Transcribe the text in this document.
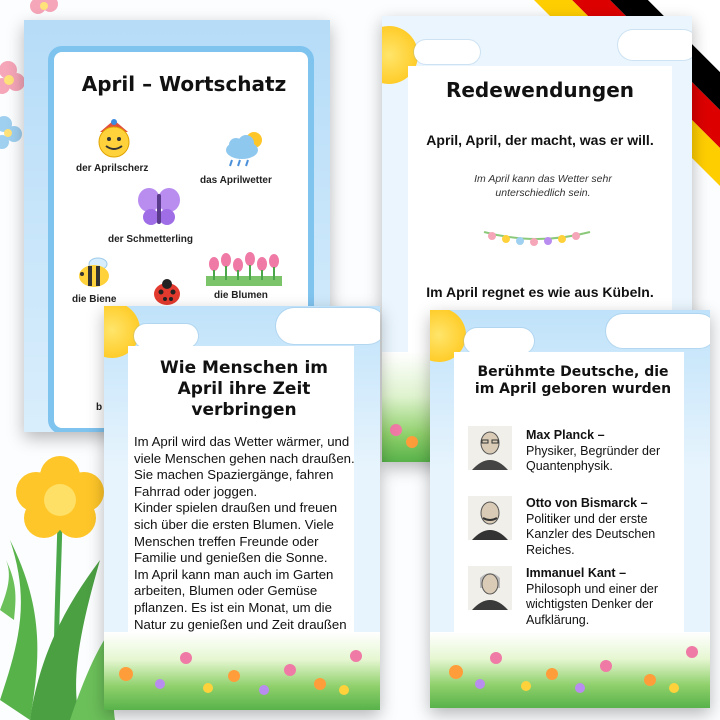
April – Wortschatz
der Aprilscherz
das Aprilwetter
der Schmetterling
die Biene	die Blumen
b
Redewendungen
April, April, der macht, was er will.
Im April kann das Wetter sehr unterschiedlich sein.
Im April regnet es wie aus Kübeln.
Wie Menschen im April ihre Zeit verbringen
Im April wird das Wetter wärmer, und viele Menschen gehen nach draußen. Sie machen Spaziergänge, fahren Fahrrad oder joggen.
Kinder spielen draußen und freuen sich über die ersten Blumen. Viele Menschen treffen Freunde oder Familie und genießen die Sonne.
Im April kann man auch im Garten arbeiten, Blumen oder Gemüse pflanzen. Es ist ein Monat, um die Natur zu genießen und Zeit draußen
Berühmte Deutsche, die im April geboren wurden
Max Planck –
Physiker, Begründer der Quantenphysik.
Otto von Bismarck –
Politiker und der erste Kanzler des Deutschen Reiches.
Immanuel Kant –
Philosoph und einer der wichtigsten Denker der Aufklärung.
